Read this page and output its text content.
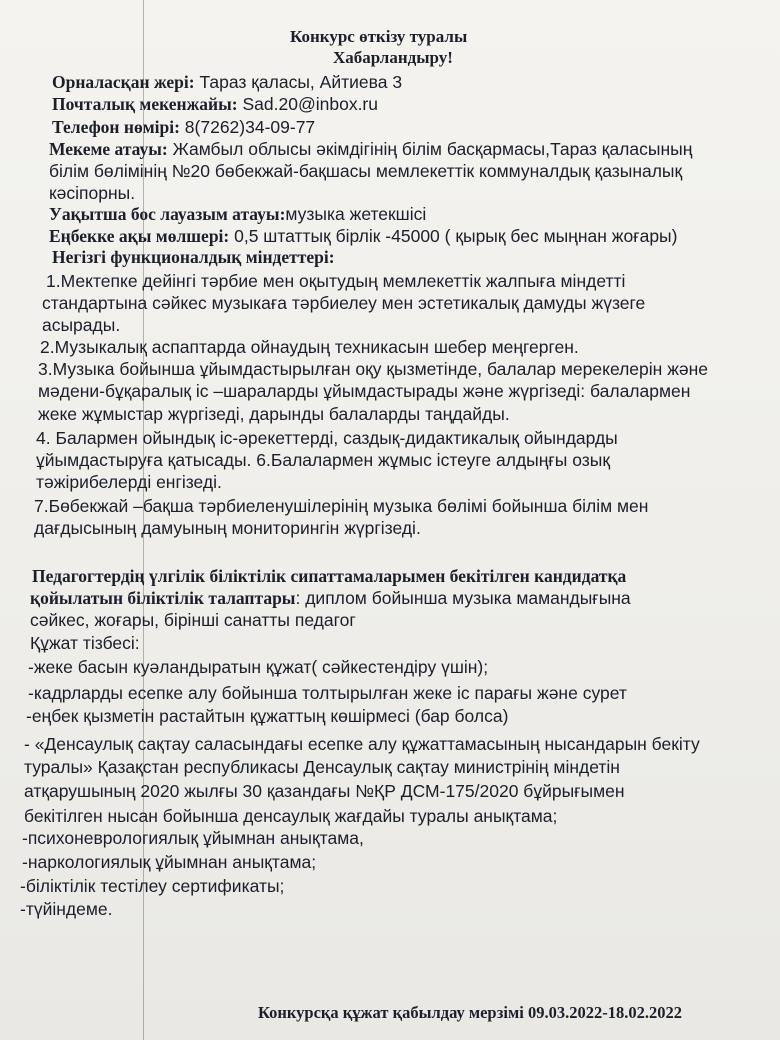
Конкурс өткізу туралы
Хабарландыру!
Орналасқан жері: Тараз қаласы, Айтиева 3
Почталық мекенжайы: Sad.20@inbox.ru
Телефон нөмірі: 8(7262)34-09-77
Мекеме атауы: Жамбыл облысы әкімдігінің білім басқармасы,Тараз қаласының
білім бөлімінің №20 бөбекжай-бақшасы мемлекеттік коммуналдық қазыналық
кәсіпорны.
Уақытша бос лауазым атауы:музыка жетекшісі
Еңбекке ақы мөлшері: 0,5 штаттық бірлік -45000 ( қырық бес мыңнан жоғары)
Негізгі функционалдық міндеттері:
1.Мектепке дейінгі тәрбие мен оқытудың мемлекеттік жалпыға міндетті
стандартына сәйкес музыкаға тәрбиелеу мен эстетикалық дамуды жүзеге
асырады.
2.Музыкалық аспаптарда ойнаудың техникасын шебер меңгерген.
3.Музыка бойынша ұйымдастырылған оқу қызметінде, балалар мерекелерін және
мәдени-бұқаралық іс –шараларды ұйымдастырады және жүргізеді: балалармен
жеке жұмыстар жүргізеді, дарынды балаларды таңдайды.
4. Балармен ойындық іс-әрекеттерді, саздық-дидактикалық ойындарды
ұйымдастыруға қатысады. 6.Балалармен жұмыс істеуге алдыңғы озық
тәжірибелерді енгізеді.
7.Бөбекжай –бақша тәрбиеленушілерінің музыка бөлімі бойынша білім мен
дағдысының дамуының мониторингін жүргізеді.
Педагогтердің үлгілік біліктілік сипаттамаларымен бекітілген кандидатқа
қойылатын біліктілік талаптары: диплом бойынша музыка мамандығына
сәйкес, жоғары, бірінші санатты педагог
Құжат тізбесі:
-жеке басын куәландыратын құжат( сәйкестендіру үшін);
-кадрларды есепке алу бойынша толтырылған жеке іс парағы және сурет
-еңбек қызметін растайтын құжаттың көшірмесі (бар болса)
- «Денсаулық сақтау саласындағы есепке алу құжаттамасының нысандарын бекіту
туралы» Қазақстан республикасы Денсаулық сақтау министрінің міндетін
атқарушының 2020 жылғы 30 қазандағы №ҚР ДСМ-175/2020 бұйрығымен
бекітілген нысан бойынша денсаулық жағдайы туралы анықтама;
-психоневрологиялық ұйымнан анықтама,
-наркологиялық ұйымнан анықтама;
-біліктілік тестілеу сертификаты;
-түйіндеме.
Конкурсқа құжат қабылдау мерзімі 09.03.2022-18.02.2022
